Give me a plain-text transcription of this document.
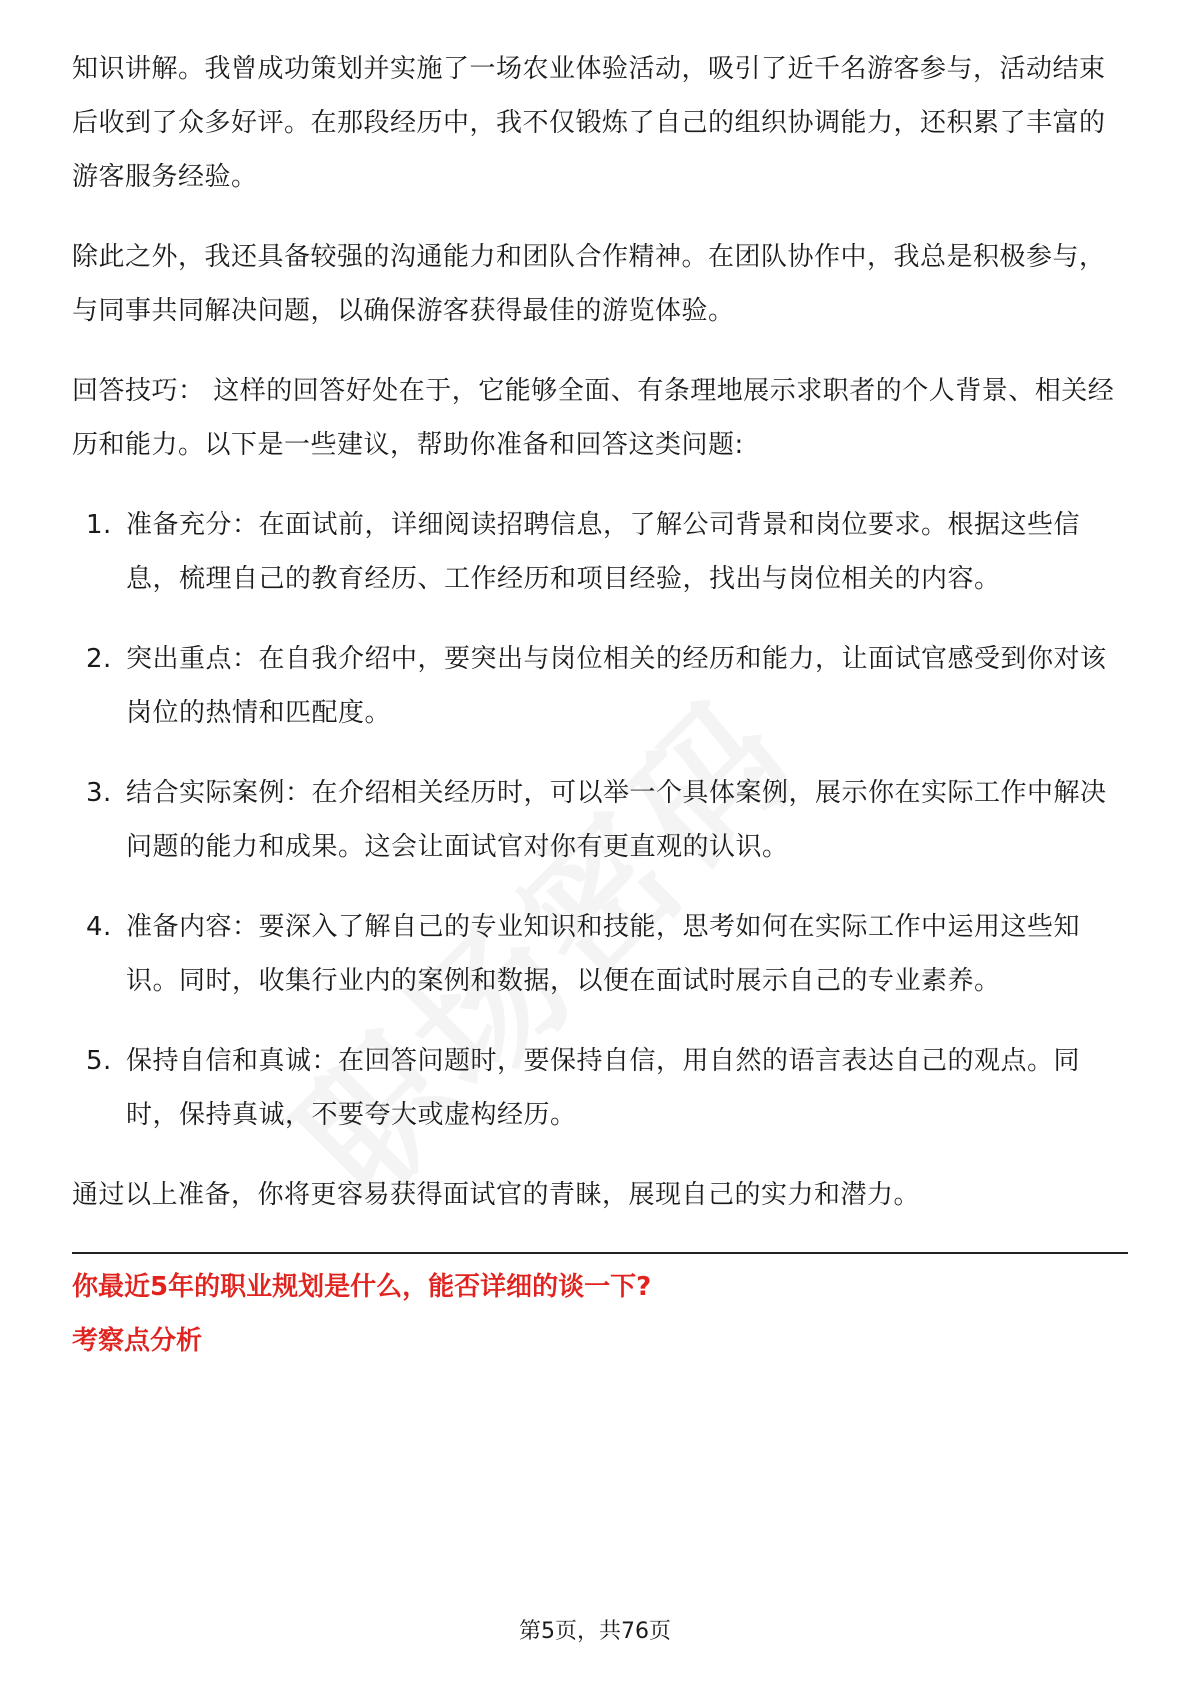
知识讲解。我曾成功策划并实施了一场农业体验活动，吸引了近千名游客参与，活动结束后收到了众多好评。在那段经历中，我不仅锻炼了自己的组织协调能力，还积累了丰富的游客服务经验。

除此之外，我还具备较强的沟通能力和团队合作精神。在团队协作中，我总是积极参与，与同事共同解决问题，以确保游客获得最佳的游览体验。

回答技巧： 这样的回答好处在于，它能够全面、有条理地展示求职者的个人背景、相关经历和能力。以下是一些建议，帮助你准备和回答这类问题:

1. 准备充分：在面试前，详细阅读招聘信息，了解公司背景和岗位要求。根据这些信息，梳理自己的教育经历、工作经历和项目经验，找出与岗位相关的内容。
2. 突出重点：在自我介绍中，要突出与岗位相关的经历和能力，让面试官感受到你对该岗位的热情和匹配度。
3. 结合实际案例：在介绍相关经历时，可以举一个具体案例，展示你在实际工作中解决问题的能力和成果。这会让面试官对你有更直观的认识。
4. 准备内容：要深入了解自己的专业知识和技能，思考如何在实际工作中运用这些知识。同时，收集行业内的案例和数据，以便在面试时展示自己的专业素养。
5. 保持自信和真诚：在回答问题时，要保持自信，用自然的语言表达自己的观点。同时，保持真诚，不要夸大或虚构经历。

通过以上准备，你将更容易获得面试官的青睐，展现自己的实力和潜力。

你最近5年的职业规划是什么，能否详细的谈一下?
考察点分析
第5页，共76页
